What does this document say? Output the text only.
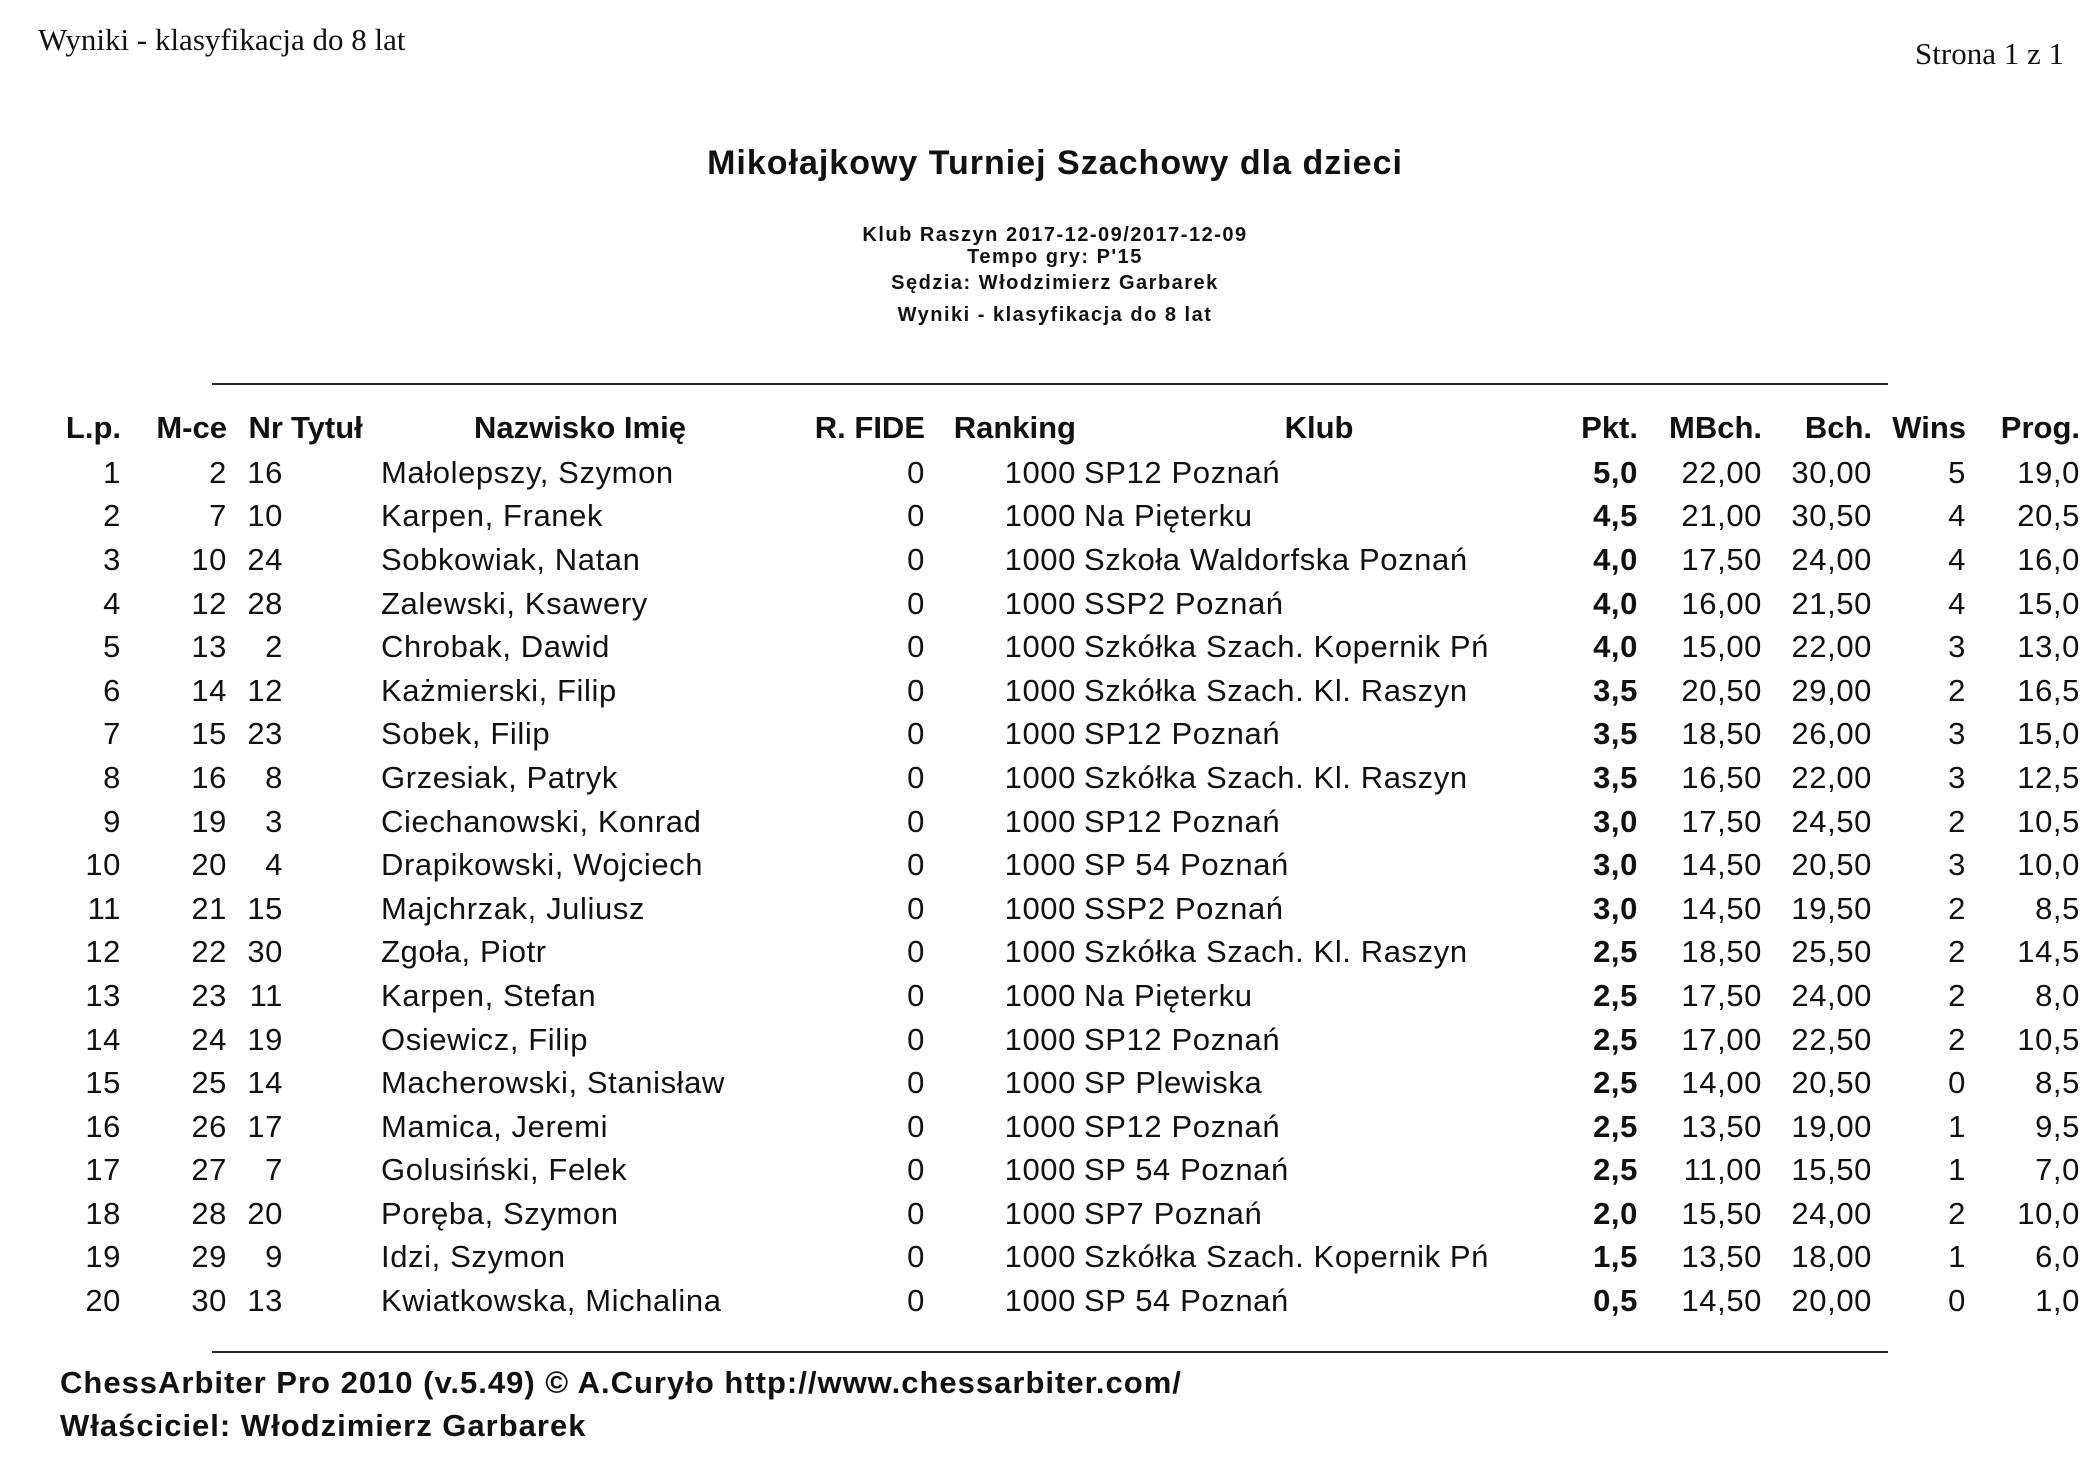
Wyniki - klasyfikacja do 8 lat	Strona 1 z 1
Mikołajkowy Turniej Szachowy dla dzieci
Klub Raszyn 2017-12-09/2017-12-09
Tempo gry: P'15
Sędzia: Włodzimierz Garbarek
Wyniki - klasyfikacja do 8 lat
L.p.	M-ce	Nr	Tytuł	Nazwisko Imię	R. FIDE	Ranking	Klub	Pkt.	MBch.	Bch.	Wins	Prog.
1	2	16		Małolepszy, Szymon	0	1000	SP12 Poznań	5,0	22,00	30,00	5	19,0
2	7	10		Karpen, Franek	0	1000	Na Pięterku	4,5	21,00	30,50	4	20,5
3	10	24		Sobkowiak, Natan	0	1000	Szkoła Waldorfska Poznań	4,0	17,50	24,00	4	16,0
4	12	28		Zalewski, Ksawery	0	1000	SSP2 Poznań	4,0	16,00	21,50	4	15,0
5	13	2		Chrobak, Dawid	0	1000	Szkółka Szach. Kopernik Pń	4,0	15,00	22,00	3	13,0
6	14	12		Każmierski, Filip	0	1000	Szkółka Szach. Kl. Raszyn	3,5	20,50	29,00	2	16,5
7	15	23		Sobek, Filip	0	1000	SP12 Poznań	3,5	18,50	26,00	3	15,0
8	16	8		Grzesiak, Patryk	0	1000	Szkółka Szach. Kl. Raszyn	3,5	16,50	22,00	3	12,5
9	19	3		Ciechanowski, Konrad	0	1000	SP12 Poznań	3,0	17,50	24,50	2	10,5
10	20	4		Drapikowski, Wojciech	0	1000	SP 54 Poznań	3,0	14,50	20,50	3	10,0
11	21	15		Majchrzak, Juliusz	0	1000	SSP2 Poznań	3,0	14,50	19,50	2	8,5
12	22	30		Zgoła, Piotr	0	1000	Szkółka Szach. Kl. Raszyn	2,5	18,50	25,50	2	14,5
13	23	11		Karpen, Stefan	0	1000	Na Pięterku	2,5	17,50	24,00	2	8,0
14	24	19		Osiewicz, Filip	0	1000	SP12 Poznań	2,5	17,00	22,50	2	10,5
15	25	14		Macherowski, Stanisław	0	1000	SP Plewiska	2,5	14,00	20,50	0	8,5
16	26	17		Mamica, Jeremi	0	1000	SP12 Poznań	2,5	13,50	19,00	1	9,5
17	27	7		Golusiński, Felek	0	1000	SP 54 Poznań	2,5	11,00	15,50	1	7,0
18	28	20		Poręba, Szymon	0	1000	SP7 Poznań	2,0	15,50	24,00	2	10,0
19	29	9		Idzi, Szymon	0	1000	Szkółka Szach. Kopernik Pń	1,5	13,50	18,00	1	6,0
20	30	13		Kwiatkowska, Michalina	0	1000	SP 54 Poznań	0,5	14,50	20,00	0	1,0
ChessArbiter Pro 2010 (v.5.49) © A.Curyło http://www.chessarbiter.com/
Właściciel: Włodzimierz Garbarek
